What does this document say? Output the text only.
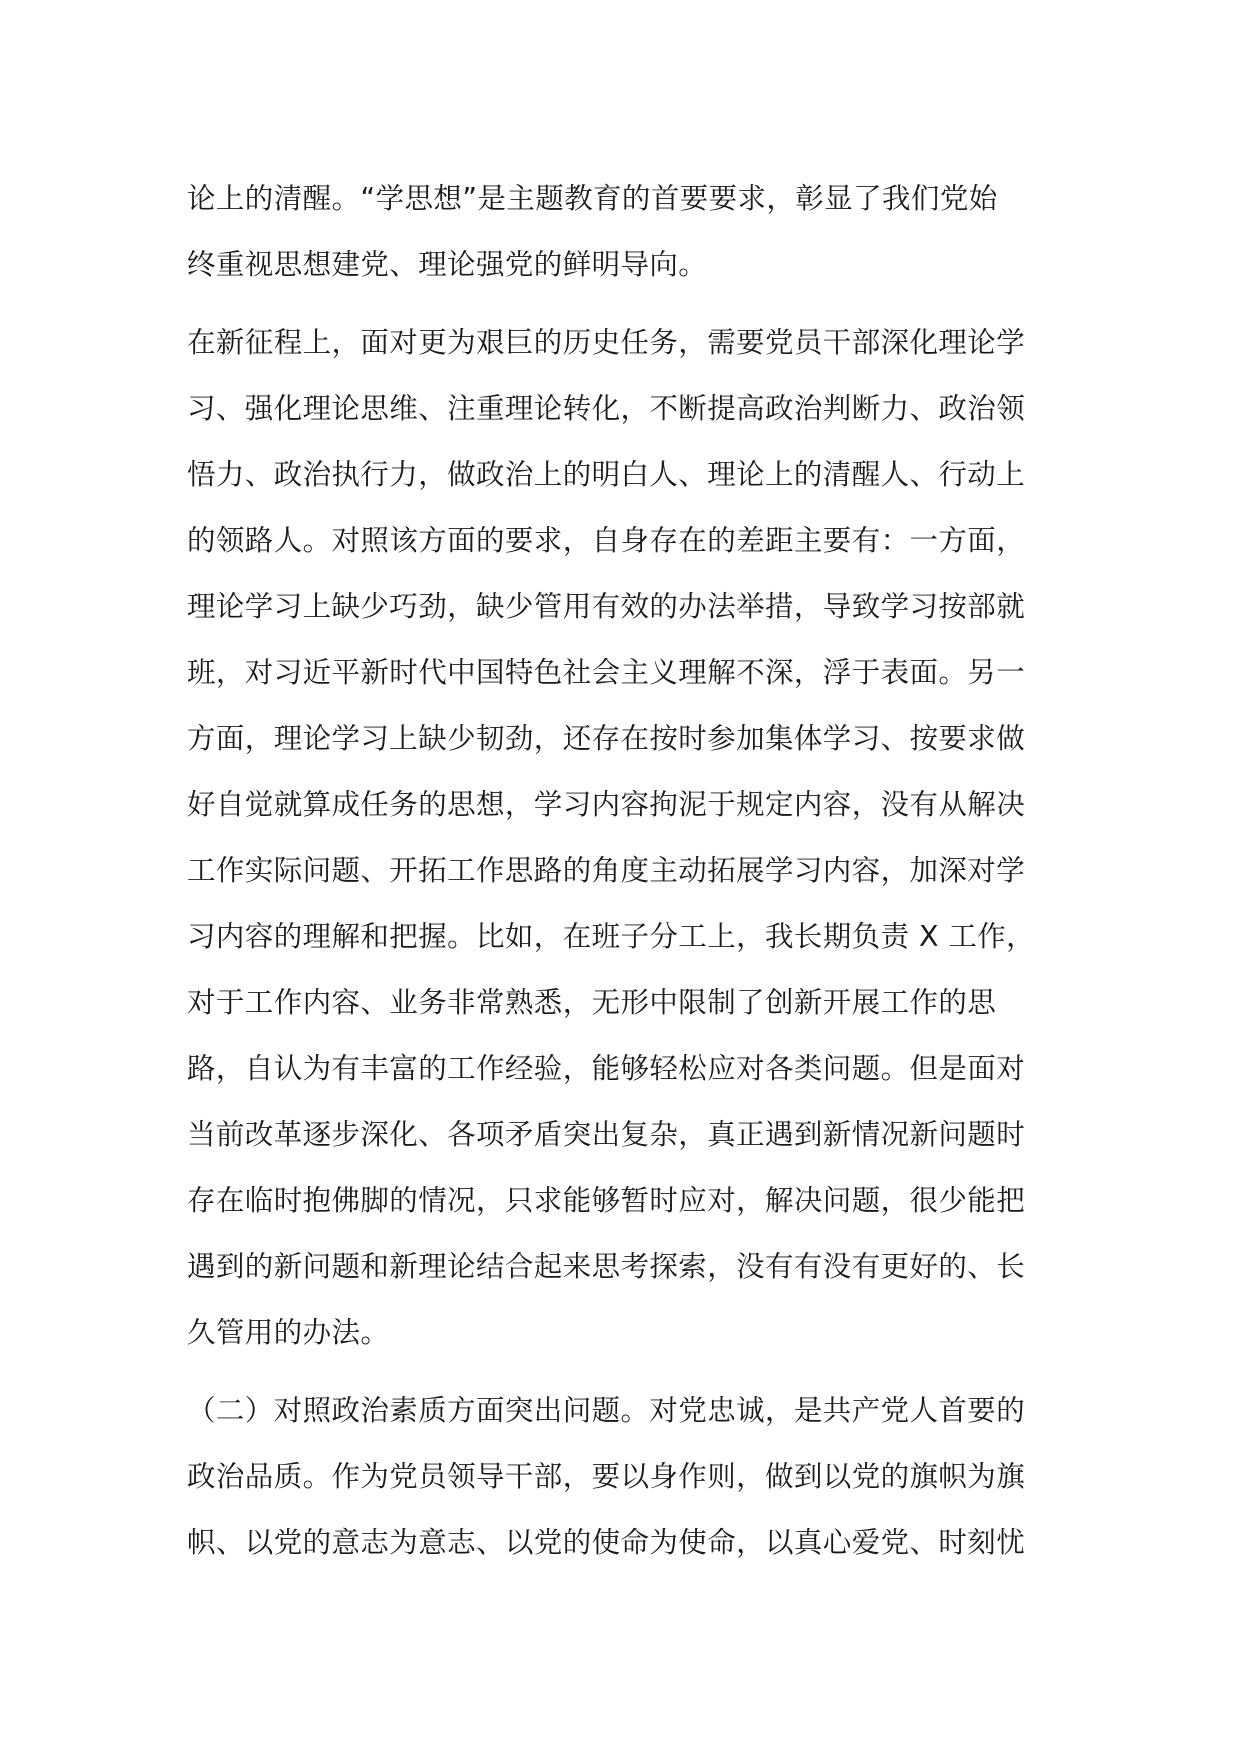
论上的清醒。“学思想”是主题教育的首要要求，彰显了我们党始
终重视思想建党、理论强党的鲜明导向。

在新征程上，面对更为艰巨的历史任务，需要党员干部深化理论学
习、强化理论思维、注重理论转化，不断提高政治判断力、政治领
悟力、政治执行力，做政治上的明白人、理论上的清醒人、行动上
的领路人。对照该方面的要求，自身存在的差距主要有：一方面，
理论学习上缺少巧劲，缺少管用有效的办法举措，导致学习按部就
班，对习近平新时代中国特色社会主义理解不深，浮于表面。另一
方面，理论学习上缺少韧劲，还存在按时参加集体学习、按要求做
好自觉就算成任务的思想，学习内容拘泥于规定内容，没有从解决
工作实际问题、开拓工作思路的角度主动拓展学习内容，加深对学
习内容的理解和把握。比如，在班子分工上，我长期负责 X 工作，
对于工作内容、业务非常熟悉，无形中限制了创新开展工作的思
路，自认为有丰富的工作经验，能够轻松应对各类问题。但是面对
当前改革逐步深化、各项矛盾突出复杂，真正遇到新情况新问题时
存在临时抱佛脚的情况，只求能够暂时应对，解决问题，很少能把
遇到的新问题和新理论结合起来思考探索，没有有没有更好的、长
久管用的办法。

（二）对照政治素质方面突出问题。对党忠诚，是共产党人首要的
政治品质。作为党员领导干部，要以身作则，做到以党的旗帜为旗
帜、以党的意志为意志、以党的使命为使命，以真心爱党、时刻忧
